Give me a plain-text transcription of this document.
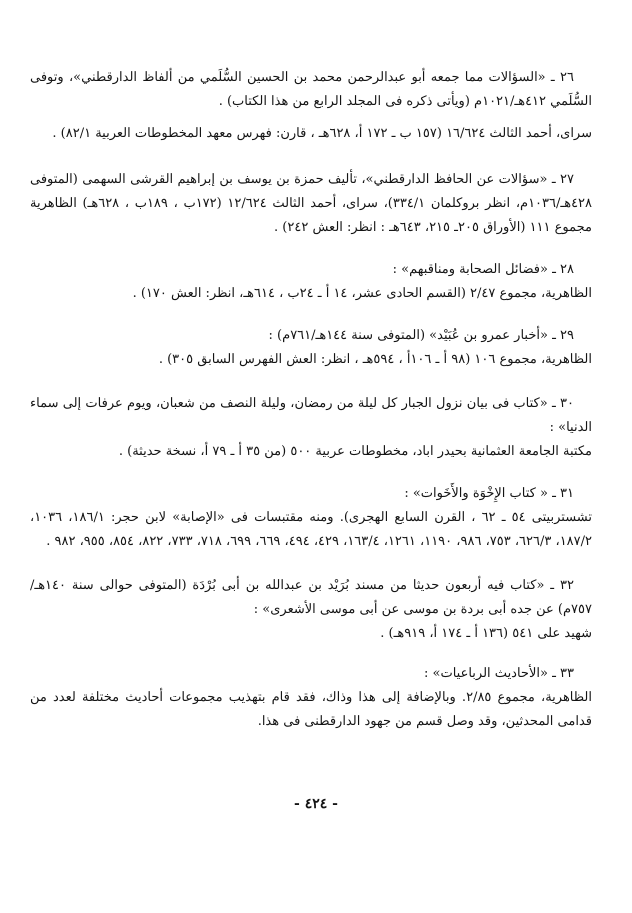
٢٦ ـ «السؤالات مما جمعه أبو عبدالرحمن محمد بن الحسين السُّلَمي من ألفاظ الدارقطني»، وتوفى السُّلَمي ٤١٢هـ/١٠٢١م (ويأتى ذكره فى المجلد الرابع من هذا الكتاب) .

سراى، أحمد الثالث ١٦/٦٢٤ (١٥٧ ب ـ ١٧٢ أ، ٦٢٨هـ ، قارن: فهرس معهد المخطوطات العربية ٨٢/١) .

٢٧ ـ «سؤالات عن الحافظ الدارقطني»، تأليف حمزة بن يوسف بن إبراهيم القرشى السهمى (المتوفى ٤٢٨هـ/١٠٣٦م، انظر بروكلمان ٣٣٤/١)، سراى، أحمد الثالث ١٢/٦٢٤ (١٧٢ب ، ١٨٩ب ، ٦٢٨هـ) الظاهرية مجموع ١١١ (الأوراق ٢٠٥ـ ٢١٥، ٦٤٣هـ : انظر: العش ٢٤٢) .

٢٨ ـ «فضائل الصحابة ومناقبهم» :

الظاهرية، مجموع ٢/٤٧ (القسم الحادى عشر، ١٤ أ ـ ٢٤ب ، ٦١٤هـ، انظر: العش ١٧٠) .

٢٩ ـ «أخبار عمرو بن عُبَيْد» (المتوفى سنة ١٤٤هـ/٧٦١م) :

الظاهرية، مجموع ١٠٦ (٩٨ أ ـ ١٠٦أ ، ٥٩٤هـ ، انظر: العش الفهرس السابق ٣٠٥) .

٣٠ ـ «كتاب فى بيان نزول الجبار كل ليلة من رمضان، وليلة النصف من شعبان، ويوم عرفات إلى سماء الدنيا» :

مكتبة الجامعة العثمانية بحيدر اباد، مخطوطات عربية ٥٠٠ (من ٣٥ أ ـ ٧٩ أ، نسخة حديثة) .

٣١ ـ « كتاب الإِخْوَة والأَخَوات» :

تشستربيتى ٥٤ ـ ٦٢ ، القرن السابع الهجرى). ومنه مقتبسات فى «الإصابة» لابن حجر: ١٨٦/١، ١٠٣٦، ١٨٧/٢، ٦٢٦/٣، ٧٥٣، ٩٨٦، ١١٩٠، ١٢٦١، ١٦٣/٤، ٤٢٩، ٤٩٤، ٦٦٩، ٦٩٩، ٧١٨، ٧٣٣، ٨٢٢، ٨٥٤، ٩٥٥، ٩٨٢ .

٣٢ ـ «كتاب فيه أربعون حديثا من مسند بُرَيْد بن عبدالله بن أبى بُرْدَة (المتوفى حوالى سنة ١٤٠هـ/٧٥٧م) عن جده أبى بردة بن موسى عن أبى موسى الأشعرى» :

شهيد على ٥٤١ (١٣٦ أ ـ ١٧٤ أ، ٩١٩هـ) .

٣٣ ـ «الأحاديث الرباعيات» :

الظاهرية، مجموع ٢/٨٥. وبالإضافة إلى هذا وذاك، فقد قام بتهذيب مجموعات أحاديث مختلفة لعدد من قدامى المحدثين، وقد وصل قسم من جهود الدارقطنى فى هذا.

- ٤٢٤ -
